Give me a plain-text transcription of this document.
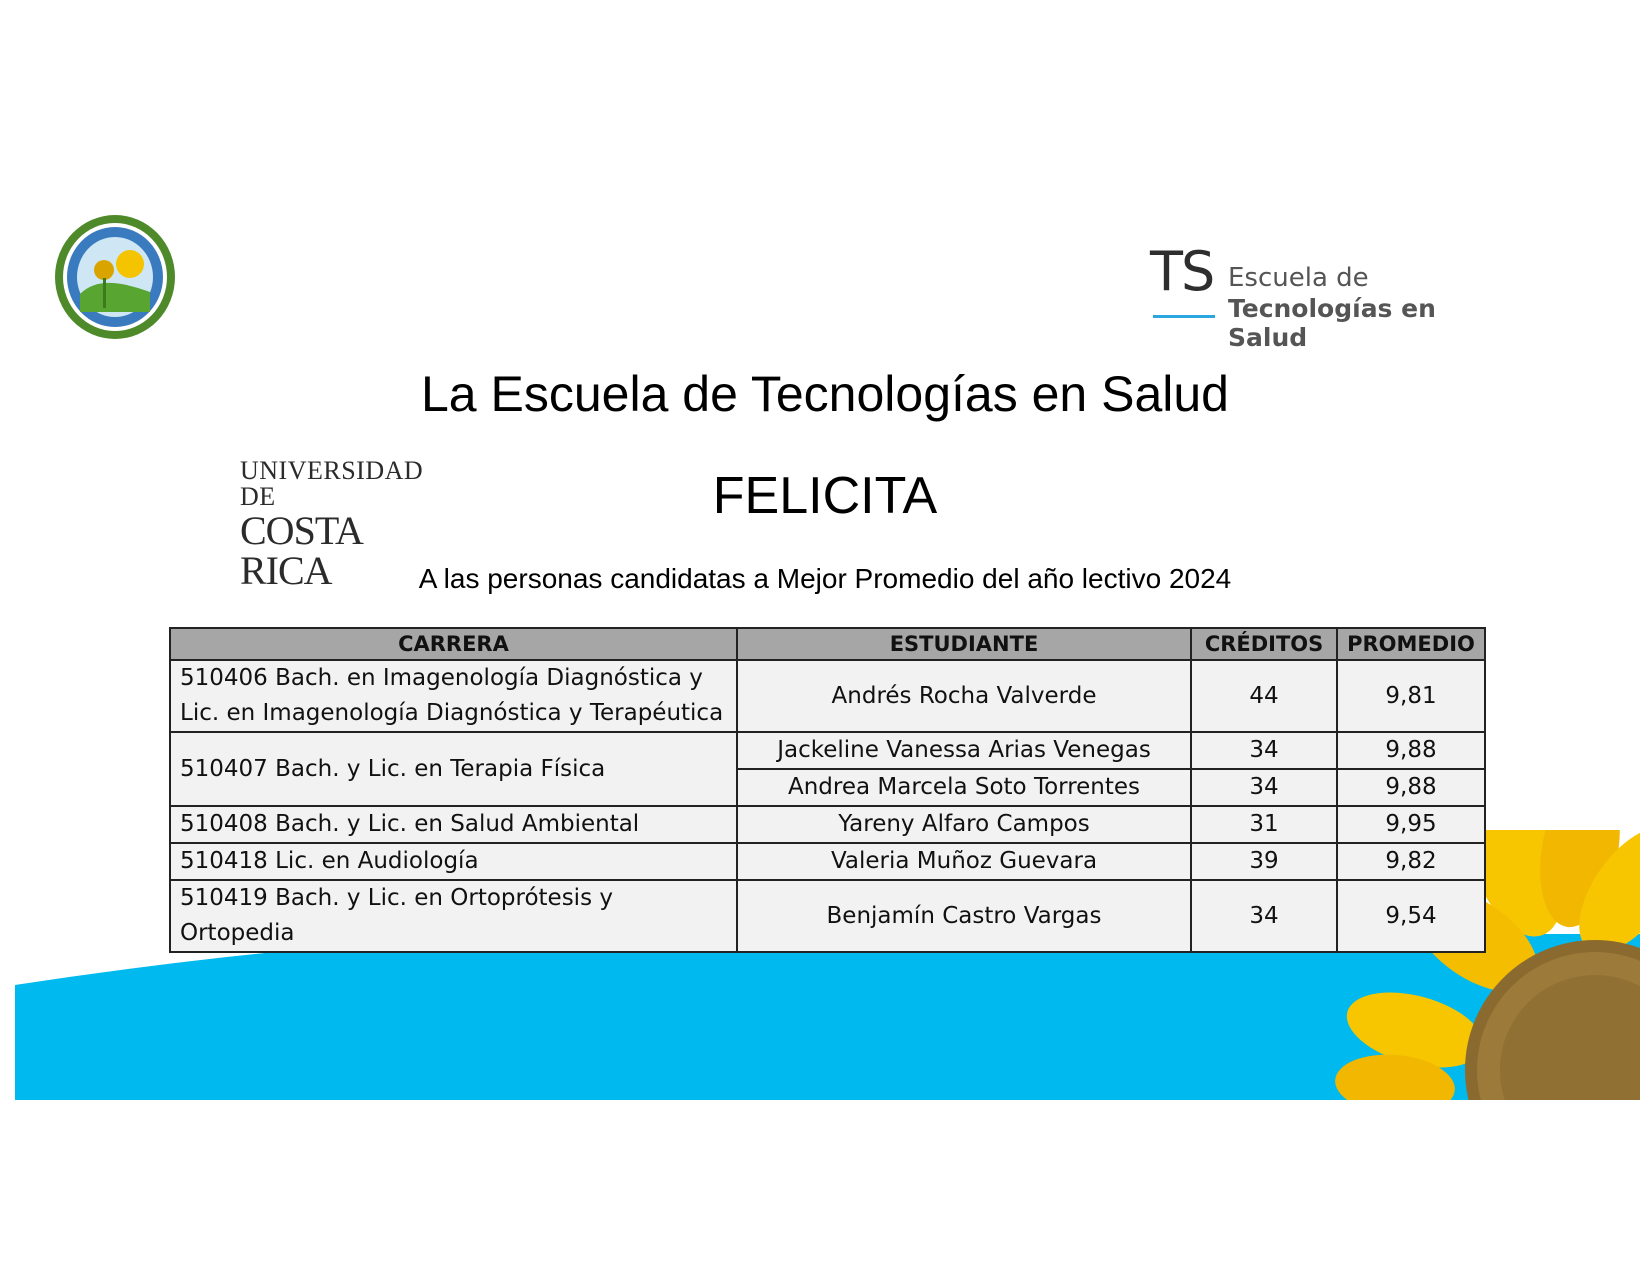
UNIVERSIDAD DE
COSTA RICA
TS Escuela de
Tecnologías en Salud
La Escuela de Tecnologías en Salud
FELICITA
A las personas candidatas a Mejor Promedio del año lectivo 2024
CARRERA	ESTUDIANTE	CRÉDITOS	PROMEDIO
510406 Bach. en Imagenología Diagnóstica y Lic. en Imagenología Diagnóstica y Terapéutica	Andrés Rocha Valverde	44	9,81
510407 Bach. y Lic. en Terapia Física	Jackeline Vanessa Arias Venegas	34	9,88
	Andrea Marcela Soto Torrentes	34	9,88
510408 Bach. y Lic. en Salud Ambiental	Yareny Alfaro Campos	31	9,95
510418 Lic. en Audiología	Valeria Muñoz Guevara	39	9,82
510419 Bach. y Lic. en Ortoprótesis y Ortopedia	Benjamín Castro Vargas	34	9,54
